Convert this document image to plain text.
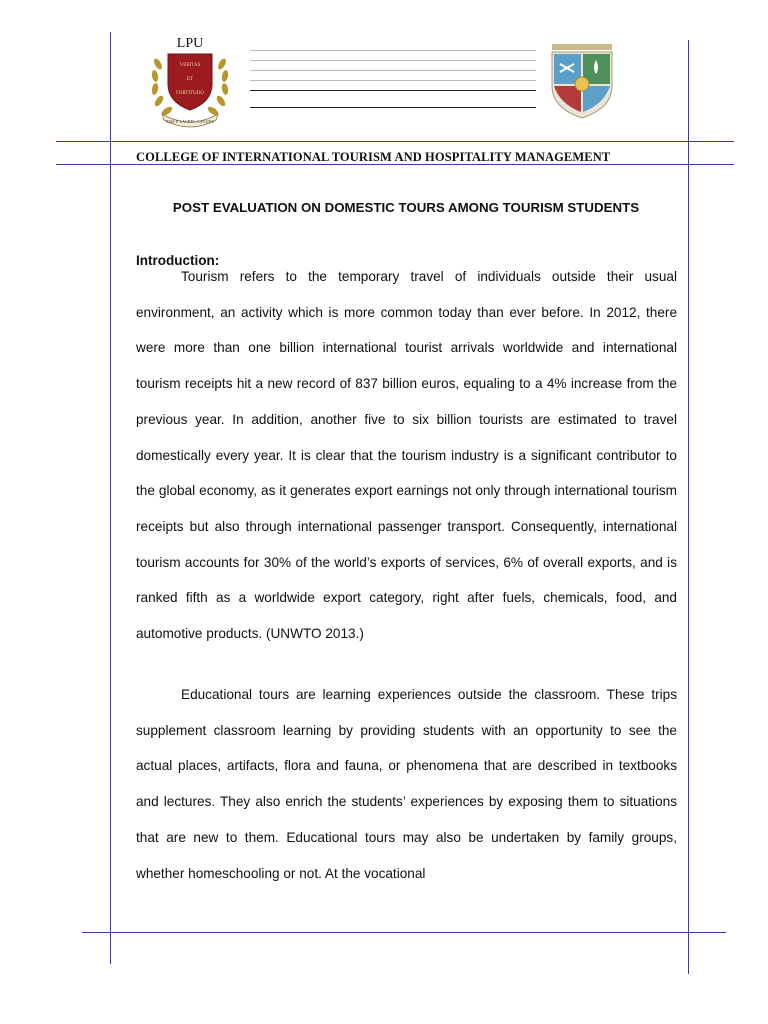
LPU
VERITAS
ET
FORTITUDO
JOSE P. LAUREL, LAGUNA

COLLEGE OF INTERNATIONAL TOURISM AND HOSPITALITY MANAGEMENT

POST EVALUATION ON DOMESTIC TOURS AMONG TOURISM STUDENTS

Introduction:

Tourism refers to the temporary travel of individuals outside their usual environment, an activity which is more common today than ever before. In 2012, there were more than one billion international tourist arrivals worldwide and international tourism receipts hit a new record of 837 billion euros, equaling to a 4% increase from the previous year. In addition, another five to six billion tourists are estimated to travel domestically every year. It is clear that the tourism industry is a significant contributor to the global economy, as it generates export earnings not only through international tourism receipts but also through international passenger transport. Consequently, international tourism accounts for 30% of the world’s exports of services, 6% of overall exports, and is ranked fifth as a worldwide export category, right after fuels, chemicals, food, and automotive products. (UNWTO 2013.)

Educational tours are learning experiences outside the classroom. These trips supplement classroom learning by providing students with an opportunity to see the actual places, artifacts, flora and fauna, or phenomena that are described in textbooks and lectures. They also enrich the students’ experiences by exposing them to situations that are new to them. Educational tours may also be undertaken by family groups, whether homeschooling or not. At the vocational
